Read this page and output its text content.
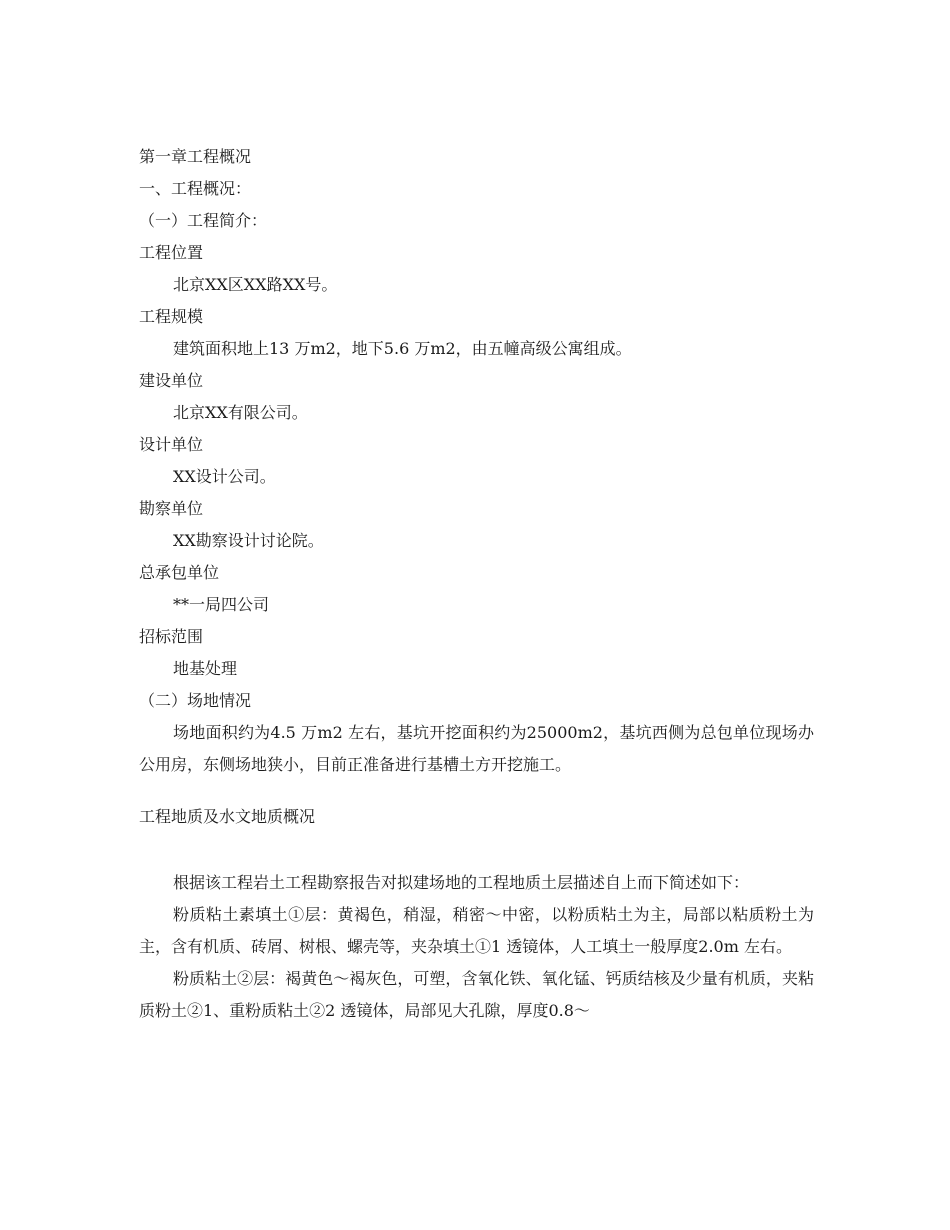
第一章工程概况
一、工程概况：
（一）工程简介：
工程位置
北京XX区XX路XX号。
工程规模
建筑面积地上13 万m2，地下5.6 万m2，由五幢高级公寓组成。
建设单位
北京XX有限公司。
设计单位
XX设计公司。
勘察单位
XX勘察设计讨论院。
总承包单位
**一局四公司
招标范围
地基处理
（二）场地情况
场地面积约为4.5 万m2 左右，基坑开挖面积约为25000m2，基坑西侧为总包单位现场办公用房，东侧场地狭小，目前正准备进行基槽土方开挖施工。
工程地质及水文地质概况
根据该工程岩土工程勘察报告对拟建场地的工程地质土层描述自上而下简述如下：
粉质粘土素填土①层：黄褐色，稍湿，稍密～中密，以粉质粘土为主，局部以粘质粉土为主，含有机质、砖屑、树根、螺壳等，夹杂填土①1 透镜体，人工填土一般厚度2.0m 左右。
粉质粘土②层：褐黄色～褐灰色，可塑，含氧化铁、氧化锰、钙质结核及少量有机质，夹粘质粉土②1、重粉质粘土②2 透镜体，局部见大孔隙，厚度0.8～
